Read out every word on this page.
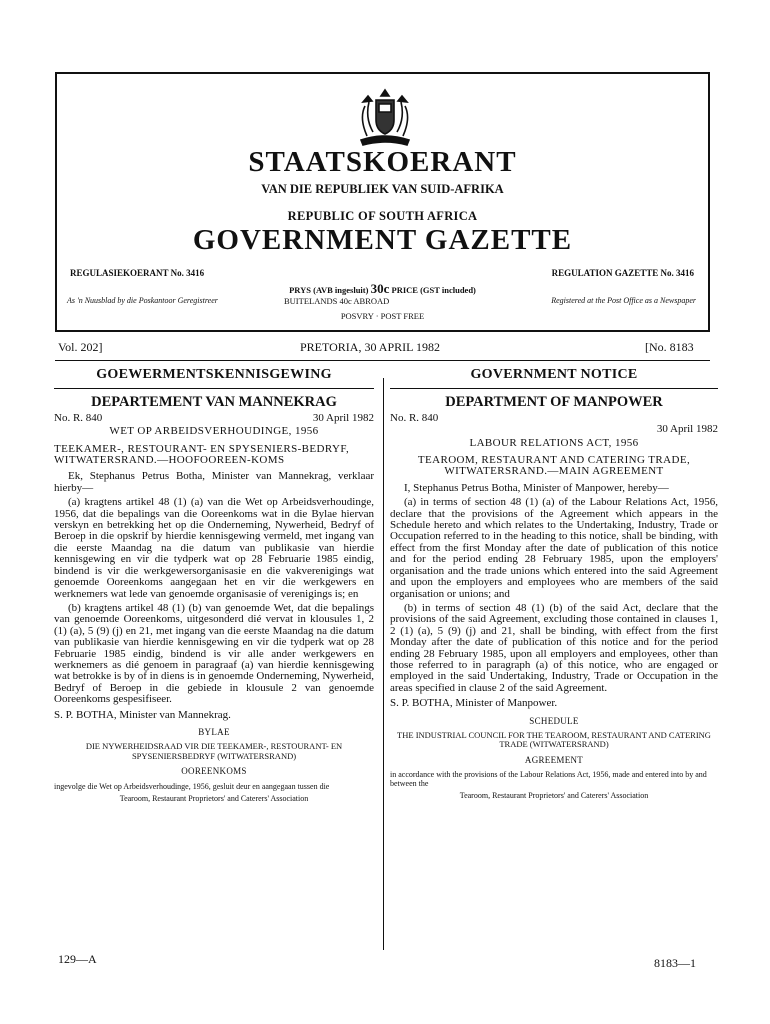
STAATSKOERANT
VAN DIE REPUBLIEK VAN SUID-AFRIKA
REPUBLIC OF SOUTH AFRICA
GOVERNMENT GAZETTE
REGULASIEKOERANT No. 3416	REGULATION GAZETTE No. 3416
PRYS (AVB ingesluit) 30c PRICE (GST included)
As 'n Nuusblad by die Poskantoor Geregistreer	BUITELANDS 40c ABROAD	Registered at the Post Office as a Newspaper
POSVRY · POST FREE
Vol. 202]	PRETORIA, 30 APRIL 1982	[No. 8183
GOEWERMENTSKENNISGEWING
DEPARTEMENT VAN MANNEKRAG
No. R. 840	30 April 1982
WET OP ARBEIDSVERHOUDINGE, 1956
TEEKAMER-, RESTOURANT- EN SPYSENIERS-BEDRYF, WITWATERSRAND.—HOOFOOREEN-KOMS
Ek, Stephanus Petrus Botha, Minister van Mannekrag, verklaar hierby—
(a) kragtens artikel 48 (1) (a) van die Wet op Arbeidsverhoudinge, 1956, dat die bepalings van die Ooreenkoms wat in die Bylae hiervan verskyn en betrekking het op die Onderneming, Nywerheid, Bedryf of Beroep in die opskrif by hierdie kennisgewing vermeld, met ingang van die eerste Maandag na die datum van publikasie van hierdie kennisgewing en vir die tydperk wat op 28 Februarie 1985 eindig, bindend is vir die werkgewersorganisasie en die vakverenigings wat genoemde Ooreenkoms aangegaan het en vir die werkgewers en werknemers wat lede van genoemde organisasie of verenigings is; en
(b) kragtens artikel 48 (1) (b) van genoemde Wet, dat die bepalings van genoemde Ooreenkoms, uitgesonderd dié vervat in klousules 1, 2 (1) (a), 5 (9) (j) en 21, met ingang van die eerste Maandag na die datum van publikasie van hierdie kennisgewing en vir die tydperk wat op 28 Februarie 1985 eindig, bindend is vir alle ander werkgewers en werknemers as dié genoem in paragraaf (a) van hierdie kennisgewing wat betrokke is by of in diens is in genoemde Onderneming, Nywerheid, Bedryf of Beroep in die gebiede in klousule 2 van genoemde Ooreenkoms gespesifiseer.
S. P. BOTHA, Minister van Mannekrag.
BYLAE
DIE NYWERHEIDSRAAD VIR DIE TEEKAMER-, RESTOURANT- EN SPYSENIERSBEDRYF (WITWATERSRAND)
OOREENKOMS
ingevolge die Wet op Arbeidsverhoudinge, 1956, gesluit deur en aangegaan tussen die
Tearoom, Restaurant Proprietors' and Caterers' Association
GOVERNMENT NOTICE
DEPARTMENT OF MANPOWER
No. R. 840
30 April 1982
LABOUR RELATIONS ACT, 1956
TEAROOM, RESTAURANT AND CATERING TRADE, WITWATERSRAND.—MAIN AGREEMENT
I, Stephanus Petrus Botha, Minister of Manpower, hereby—
(a) in terms of section 48 (1) (a) of the Labour Relations Act, 1956, declare that the provisions of the Agreement which appears in the Schedule hereto and which relates to the Undertaking, Industry, Trade or Occupation referred to in the heading to this notice, shall be binding, with effect from the first Monday after the date of publication of this notice and for the period ending 28 February 1985, upon the employers' organisation and the trade unions which entered into the said Agreement and upon the employers and employees who are members of the said organisation or unions; and
(b) in terms of section 48 (1) (b) of the said Act, declare that the provisions of the said Agreement, excluding those contained in clauses 1, 2 (1) (a), 5 (9) (j) and 21, shall be binding, with effect from the first Monday after the date of publication of this notice and for the period ending 28 February 1985, upon all employers and employees, other than those referred to in paragraph (a) of this notice, who are engaged or employed in the said Undertaking, Industry, Trade or Occupation in the areas specified in clause 2 of the said Agreement.
S. P. BOTHA, Minister of Manpower.
SCHEDULE
THE INDUSTRIAL COUNCIL FOR THE TEAROOM, RESTAURANT AND CATERING TRADE (WITWATERSRAND)
AGREEMENT
in accordance with the provisions of the Labour Relations Act, 1956, made and entered into by and between the
Tearoom, Restaurant Proprietors' and Caterers' Association
129—A	8183—1
